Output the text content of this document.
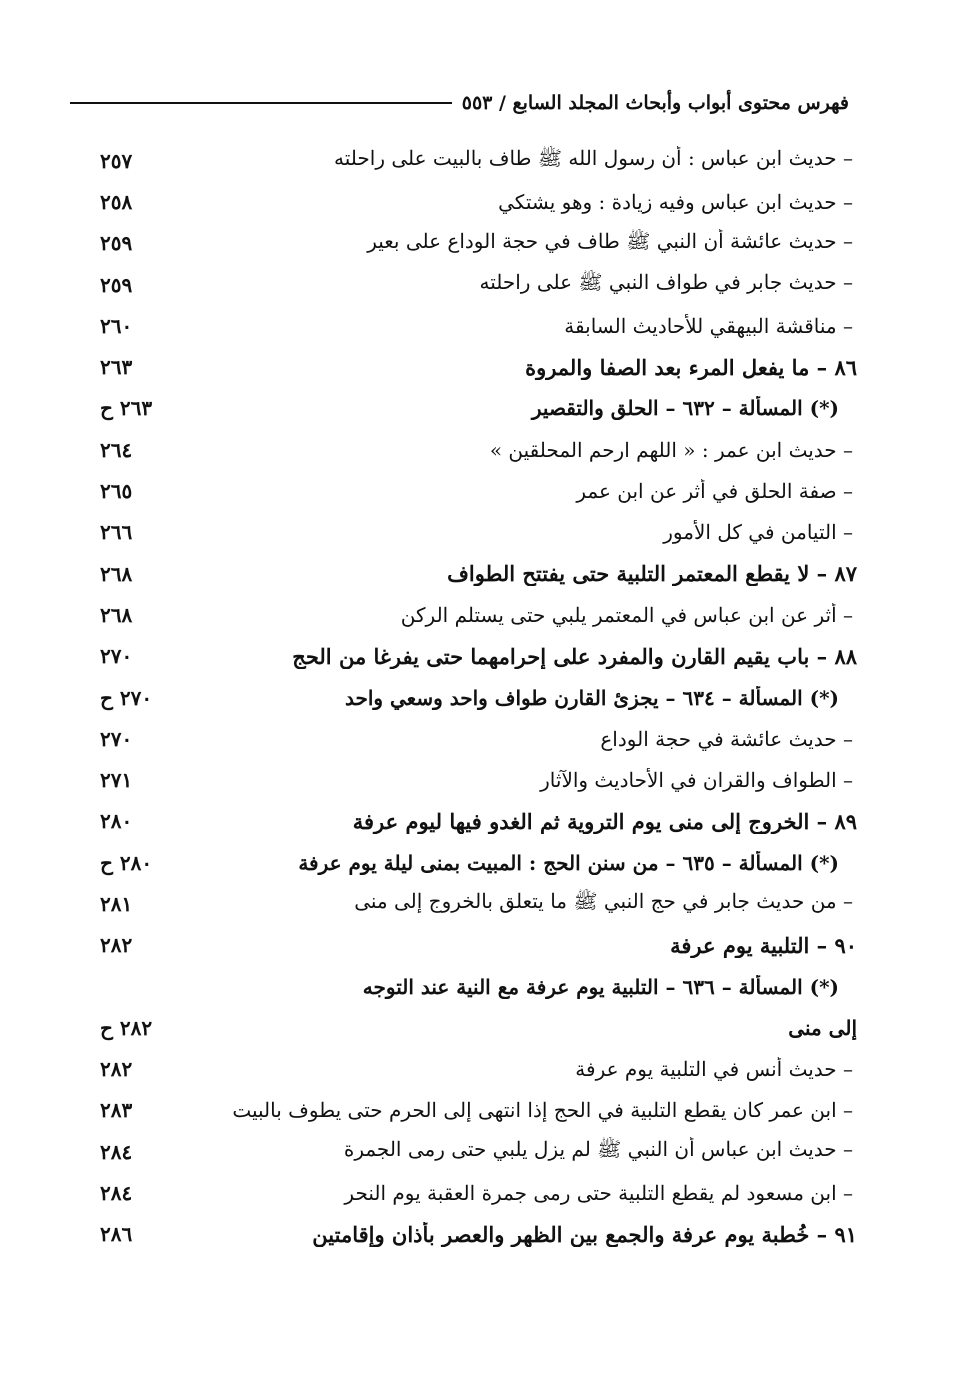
فهرس محتوى أبواب وأبحاث المجلد السابع / ٥٥٣
– حديث ابن عباس : أن رسول الله ﷺ طاف بالبيت على راحلته
٢٥٧
– حديث ابن عباس وفيه زيادة : وهو يشتكي
٢٥٨
– حديث عائشة أن النبي ﷺ طاف في حجة الوداع على بعير
٢٥٩
– حديث جابر في طواف النبي ﷺ على راحلته
٢٥٩
– مناقشة البيهقي للأحاديث السابقة
٢٦٠
٨٦ – ما يفعل المرء بعد الصفا والمروة
٢٦٣
(*) المسألة – ٦٣٢ – الحلق والتقصير
٢٦٣ ح
– حديث ابن عمر : « اللهم ارحم المحلقين »
٢٦٤
– صفة الحلق في أثر عن ابن عمر
٢٦٥
– التيامن في كل الأمور
٢٦٦
٨٧ – لا يقطع المعتمر التلبية حتى يفتتح الطواف
٢٦٨
– أثر عن ابن عباس في المعتمر يلبي حتى يستلم الركن
٢٦٨
٨٨ – باب يقيم القارن والمفرد على إحرامهما حتى يفرغا من الحج
٢٧٠
(*) المسألة – ٦٣٤ – يجزئ القارن طواف واحد وسعي واحد
٢٧٠ ح
– حديث عائشة في حجة الوداع
٢٧٠
– الطواف والقران في الأحاديث والآثار
٢٧١
٨٩ – الخروج إلى منى يوم التروية ثم الغدو فيها ليوم عرفة
٢٨٠
(*) المسألة – ٦٣٥ – من سنن الحج : المبيت بمنى ليلة يوم عرفة
٢٨٠ ح
– من حديث جابر في حج النبي ﷺ ما يتعلق بالخروج إلى منى
٢٨١
٩٠ – التلبية يوم عرفة
٢٨٢
(*) المسألة – ٦٣٦ – التلبية يوم عرفة مع النية عند التوجه
إلى منى
٢٨٢ ح
– حديث أنس في التلبية يوم عرفة
٢٨٢
– ابن عمر كان يقطع التلبية في الحج إذا انتهى إلى الحرم حتى يطوف بالبيت
٢٨٣
– حديث ابن عباس أن النبي ﷺ لم يزل يلبي حتى رمى الجمرة
٢٨٤
– ابن مسعود لم يقطع التلبية حتى رمى جمرة العقبة يوم النحر
٢٨٤
٩١ – خُطبة يوم عرفة والجمع بين الظهر والعصر بأذان وإقامتين
٢٨٦
